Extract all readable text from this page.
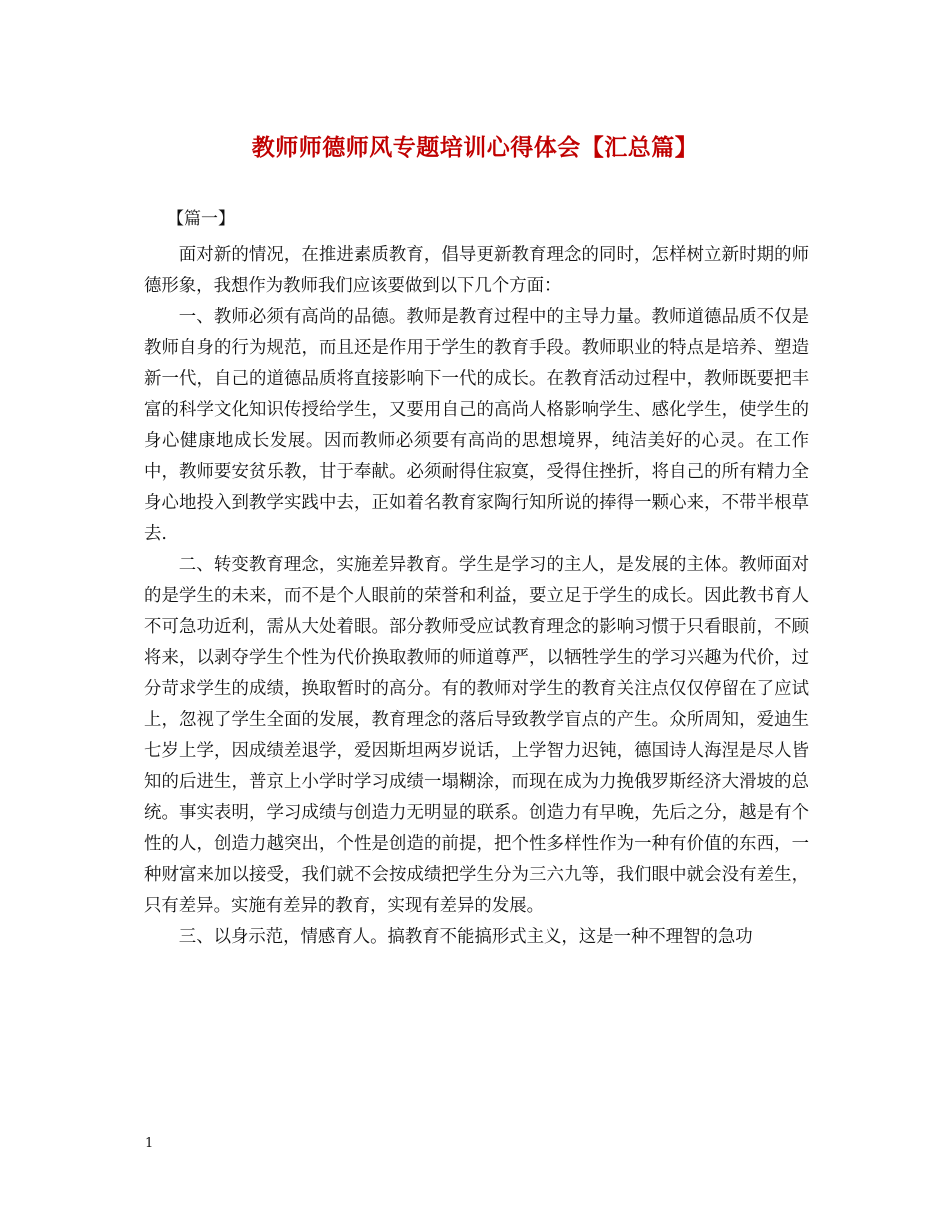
教师师德师风专题培训心得体会【汇总篇】
【篇一】

面对新的情况，在推进素质教育，倡导更新教育理念的同时，怎样树立新时期的师德形象，我想作为教师我们应该要做到以下几个方面：

一、教师必须有高尚的品德。教师是教育过程中的主导力量。教师道德品质不仅是教师自身的行为规范，而且还是作用于学生的教育手段。教师职业的特点是培养、塑造新一代，自己的道德品质将直接影响下一代的成长。在教育活动过程中，教师既要把丰富的科学文化知识传授给学生，又要用自己的高尚人格影响学生、感化学生，使学生的身心健康地成长发展。因而教师必须要有高尚的思想境界，纯洁美好的心灵。在工作中，教师要安贫乐教，甘于奉献。必须耐得住寂寞，受得住挫折，将自己的所有精力全身心地投入到教学实践中去，正如着名教育家陶行知所说的捧得一颗心来，不带半根草去.

二、转变教育理念，实施差异教育。学生是学习的主人，是发展的主体。教师面对的是学生的未来，而不是个人眼前的荣誉和利益，要立足于学生的成长。因此教书育人不可急功近利，需从大处着眼。部分教师受应试教育理念的影响习惯于只看眼前，不顾将来，以剥夺学生个性为代价换取教师的师道尊严，以牺牲学生的学习兴趣为代价，过分苛求学生的成绩，换取暂时的高分。有的教师对学生的教育关注点仅仅停留在了应试上，忽视了学生全面的发展，教育理念的落后导致教学盲点的产生。众所周知，爱迪生七岁上学，因成绩差退学，爱因斯坦两岁说话，上学智力迟钝，德国诗人海涅是尽人皆知的后进生，普京上小学时学习成绩一塌糊涂，而现在成为力挽俄罗斯经济大滑坡的总统。事实表明，学习成绩与创造力无明显的联系。创造力有早晚，先后之分，越是有个性的人，创造力越突出，个性是创造的前提，把个性多样性作为一种有价值的东西，一种财富来加以接受，我们就不会按成绩把学生分为三六九等，我们眼中就会没有差生，只有差异。实施有差异的教育，实现有差异的发展。

三、以身示范，情感育人。搞教育不能搞形式主义，这是一种不理智的急功

1
